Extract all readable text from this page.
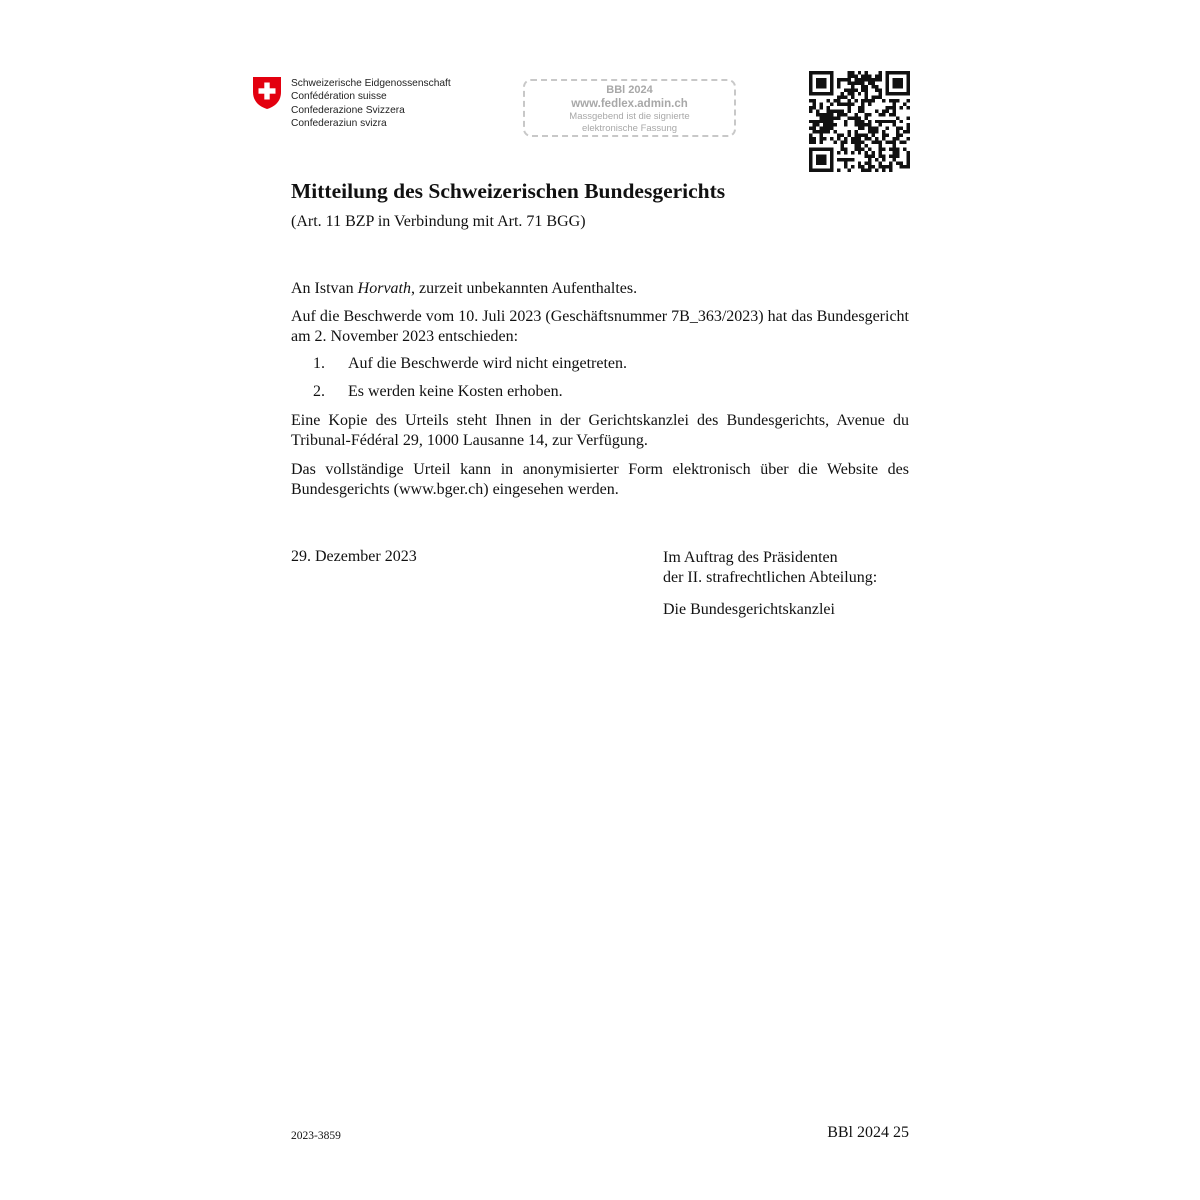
Schweizerische Eidgenossenschaft
Confédération suisse
Confederazione Svizzera
Confederaziun svizra
BBl 2024
www.fedlex.admin.ch
Massgebend ist die signierte
elektronische Fassung
Mitteilung des Schweizerischen Bundesgerichts
(Art. 11 BZP in Verbindung mit Art. 71 BGG)

An Istvan Horvath, zurzeit unbekannten Aufenthaltes.

Auf die Beschwerde vom 10. Juli 2023 (Geschäftsnummer 7B_363/2023) hat das Bundesgericht am 2. November 2023 entschieden:

1. Auf die Beschwerde wird nicht eingetreten.
2. Es werden keine Kosten erhoben.

Eine Kopie des Urteils steht Ihnen in der Gerichtskanzlei des Bundesgerichts, Avenue du Tribunal-Fédéral 29, 1000 Lausanne 14, zur Verfügung.

Das vollständige Urteil kann in anonymisierter Form elektronisch über die Website des Bundesgerichts (www.bger.ch) eingesehen werden.

29. Dezember 2023	Im Auftrag des Präsidenten
der II. strafrechtlichen Abteilung:
Die Bundesgerichtskanzlei
2023-3859	BBl 2024 25
